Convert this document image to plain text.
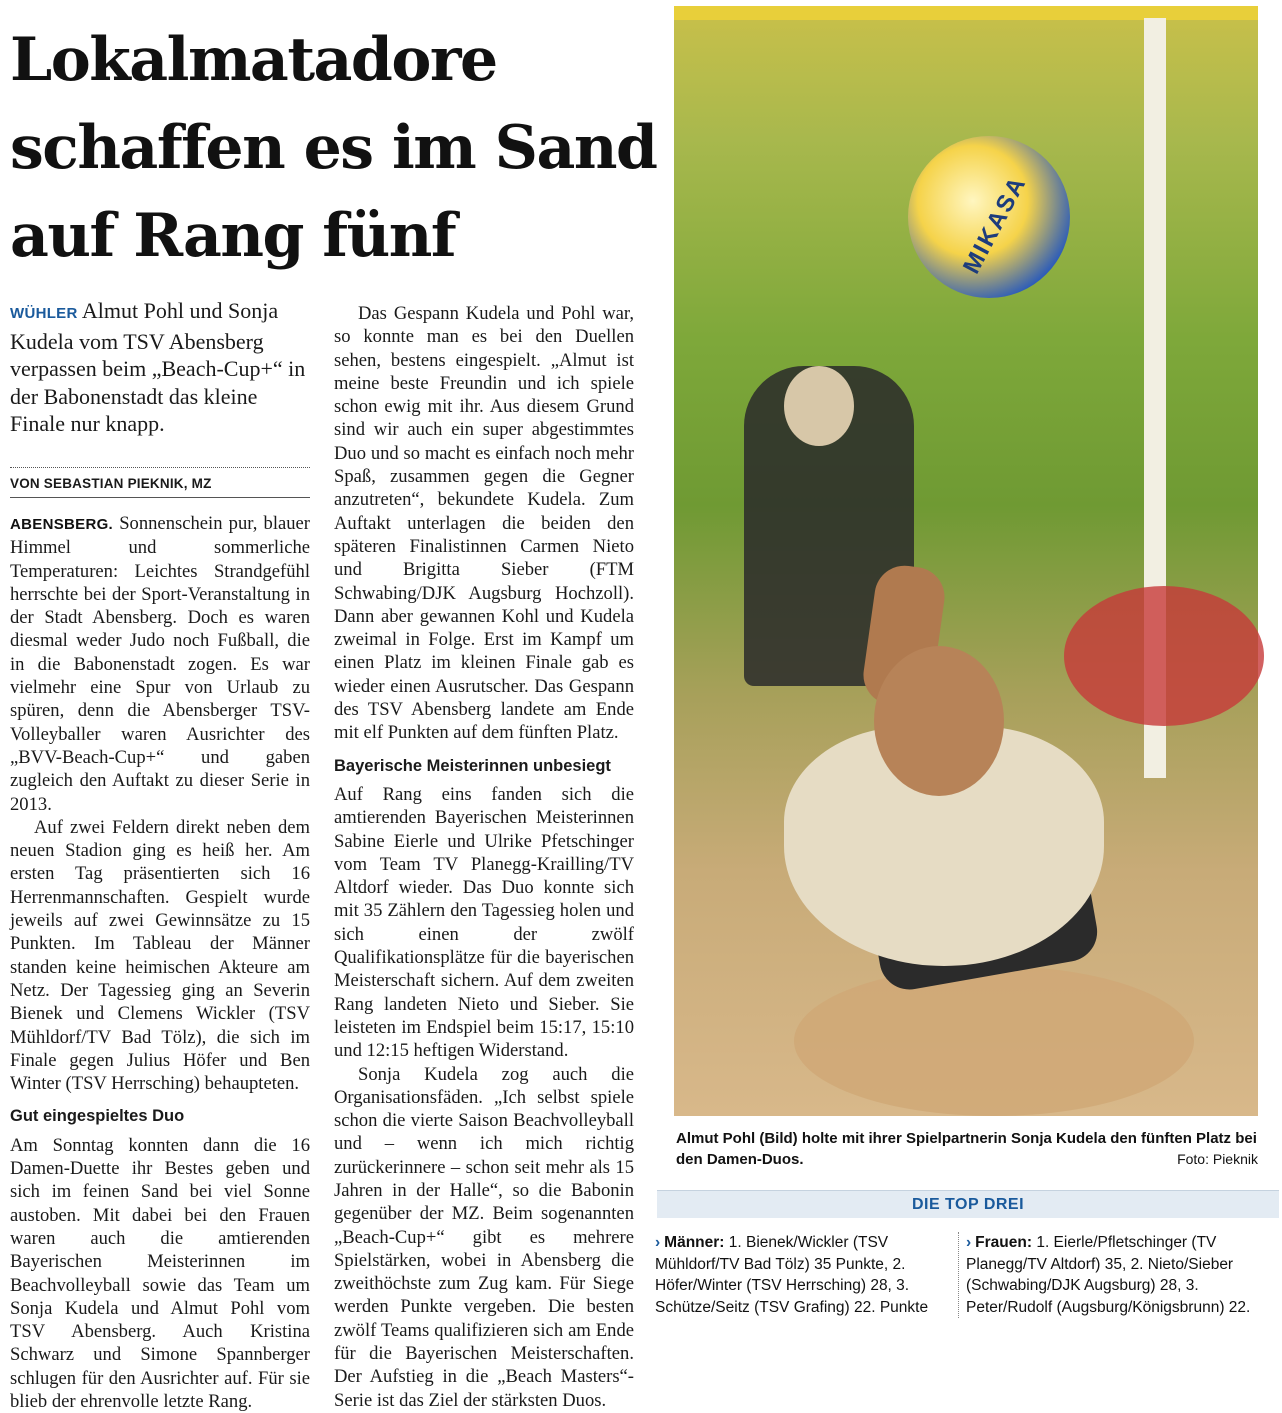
Lokalmatadore
schaffen es im Sand
auf Rang fünf
WÜHLER Almut Pohl und Sonja Kudela vom TSV Abensberg verpassen beim „Beach-Cup+“ in der Babonenstadt das kleine Finale nur knapp.
VON SEBASTIAN PIEKNIK, MZ

ABENSBERG. Sonnenschein pur, blauer Himmel und sommerliche Temperaturen: Leichtes Strandgefühl herrschte bei der Sport-Veranstaltung in der Stadt Abensberg. Doch es waren diesmal weder Judo noch Fußball, die in die Babonenstadt zogen. Es war vielmehr eine Spur von Urlaub zu spüren, denn die Abensberger TSV-Volleyballer waren Ausrichter des „BVV-Beach-Cup+“ und gaben zugleich den Auftakt zu dieser Serie in 2013.

Auf zwei Feldern direkt neben dem neuen Stadion ging es heiß her. Am ersten Tag präsentierten sich 16 Herrenmannschaften. Gespielt wurde jeweils auf zwei Gewinnsätze zu 15 Punkten. Im Tableau der Männer standen keine heimischen Akteure am Netz. Der Tagessieg ging an Severin Bienek und Clemens Wickler (TSV Mühldorf/TV Bad Tölz), die sich im Finale gegen Julius Höfer und Ben Winter (TSV Herrsching) behaupteten.

Gut eingespieltes Duo

Am Sonntag konnten dann die 16 Damen-Duette ihr Bestes geben und sich im feinen Sand bei viel Sonne austoben. Mit dabei bei den Frauen waren auch die amtierenden Bayerischen Meisterinnen im Beachvolleyball sowie das Team um Sonja Kudela und Almut Pohl vom TSV Abensberg. Auch Kristina Schwarz und Simone Spannberger schlugen für den Ausrichter auf. Für sie blieb der ehrenvolle letzte Rang.

Das Gespann Kudela und Pohl war, so konnte man es bei den Duellen sehen, bestens eingespielt. „Almut ist meine beste Freundin und ich spiele schon ewig mit ihr. Aus diesem Grund sind wir auch ein super abgestimmtes Duo und so macht es einfach noch mehr Spaß, zusammen gegen die Gegner anzutreten“, bekundete Kudela. Zum Auftakt unterlagen die beiden den späteren Finalistinnen Carmen Nieto und Brigitta Sieber (FTM Schwabing/DJK Augsburg Hochzoll). Dann aber gewannen Kohl und Kudela zweimal in Folge. Erst im Kampf um einen Platz im kleinen Finale gab es wieder einen Ausrutscher. Das Gespann des TSV Abensberg landete am Ende mit elf Punkten auf dem fünften Platz.

Bayerische Meisterinnen unbesiegt

Auf Rang eins fanden sich die amtierenden Bayerischen Meisterinnen Sabine Eierle und Ulrike Pfetschinger vom Team TV Planegg-Krailling/TV Altdorf wieder. Das Duo konnte sich mit 35 Zählern den Tagessieg holen und sich einen der zwölf Qualifikationsplätze für die bayerischen Meisterschaft sichern. Auf dem zweiten Rang landeten Nieto und Sieber. Sie leisteten im Endspiel beim 15:17, 15:10 und 12:15 heftigen Widerstand.

Sonja Kudela zog auch die Organisationsfäden. „Ich selbst spiele schon die vierte Saison Beachvolleyball und – wenn ich mich richtig zurückerinnere – schon seit mehr als 15 Jahren in der Halle“, so die Babonin gegenüber der MZ. Beim sogenannten „Beach-Cup+“ gibt es mehrere Spielstärken, wobei in Abensberg die zweithöchste zum Zug kam. Für Siege werden Punkte vergeben. Die besten zwölf Teams qualifizieren sich am Ende für die Bayerischen Meisterschaften. Der Aufstieg in die „Beach Masters“-Serie ist das Ziel der stärksten Duos.

MIKASA
Almut Pohl (Bild) holte mit ihrer Spielpartnerin Sonja Kudela den fünften Platz bei den Damen-Duos.	Foto: Pieknik
DIE TOP DREI
› Männer: 1. Bienek/Wickler (TSV Mühldorf/TV Bad Tölz) 35 Punkte, 2. Höfer/Winter (TSV Herrsching) 28, 3. Schütze/Seitz (TSV Grafing) 22. Punkte
› Frauen: 1. Eierle/Pfletschinger (TV Planegg/TV Altdorf) 35, 2. Nieto/Sieber (Schwabing/DJK Augsburg) 28, 3. Peter/Rudolf (Augsburg/Königsbrunn) 22.
